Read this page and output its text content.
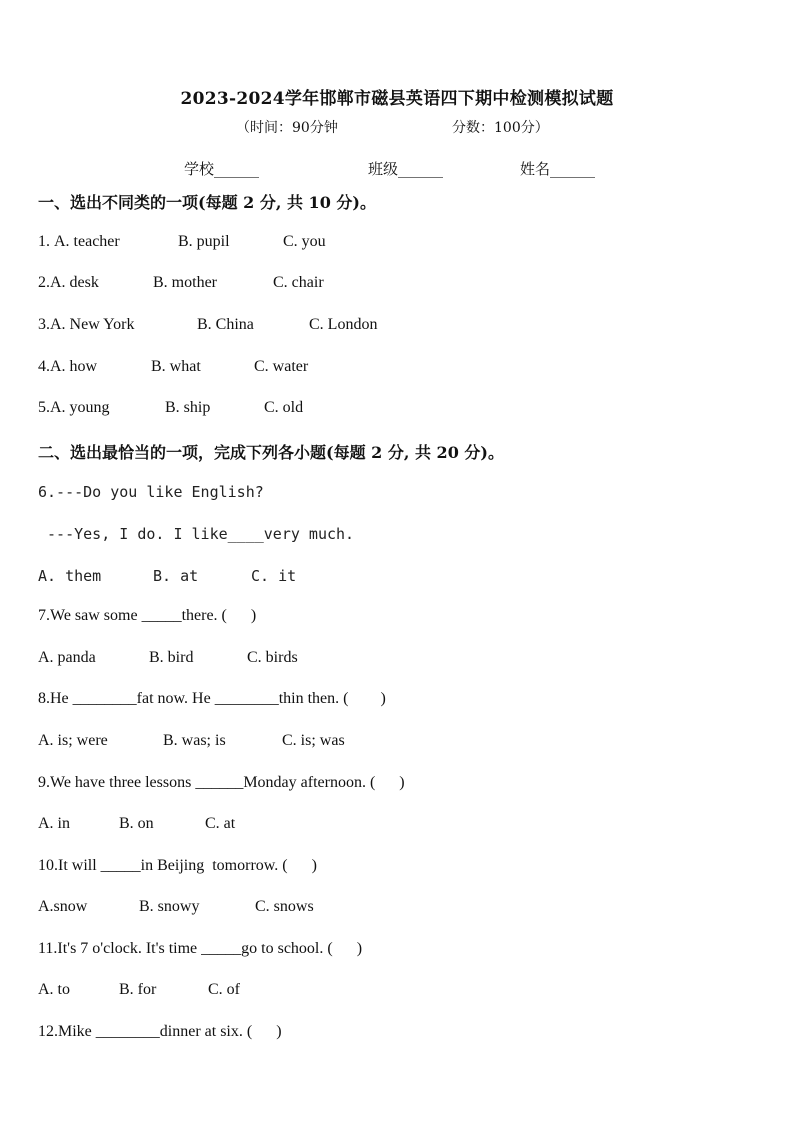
2023-2024学年邯郸市磁县英语四下期中检测模拟试题
（时间：90分钟	分数：100分）
学校______	班级______	姓名______
一、选出不同类的一项(每题 2 分, 共 10 分)。
1. A. teacher	B. pupil	C. you
2.A. desk	B. mother	C. chair
3.A. New York	B. China	C. London
4.A. how	B. what	C. water
5.A. young	B. ship	C. old
二、选出最恰当的一项，完成下列各小题(每题 2 分, 共 20 分)。
6.---Do you like English?
---Yes, I do. I like____very much.
A. them	B. at	C. it
7.We saw some _____there. (      )
A. panda	B. bird	C. birds
8.He ________fat now. He ________thin then. (        )
A. is; were	B. was; is	C. is; was
9.We have three lessons ______Monday afternoon. (      )
A. in	B. on	C. at
10.It will _____in Beijing  tomorrow. (      )
A.snow	B. snowy	C. snows
11.It's 7 o'clock. It's time _____go to school. (      )
A. to	B. for	C. of
12.Mike ________dinner at six. (      )
